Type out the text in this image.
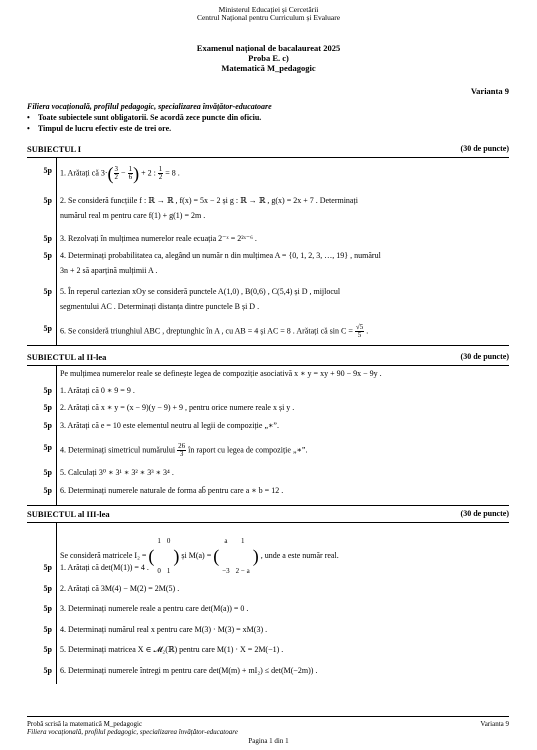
Ministerul Educației și Cercetării
Centrul Național pentru Curriculum și Evaluare
Examenul național de bacalaureat 2025
Proba E. c)
Matematică M_pedagogic
Varianta 9
Filiera vocațională, profilul pedagogic, specializarea învățător-educatoare
• Toate subiectele sunt obligatorii. Se acordă zece puncte din oficiu.
• Timpul de lucru efectiv este de trei ore.
SUBIECTUL I	(30 de puncte)
5p 1. Arătați că $3\cdot( \frac{3}{2} - \frac{1}{6}$ ) + 2 : $\frac{1}{2} = 8$ .
5p 2. Se consideră funcțiile f : ℝ → ℝ , f(x) = 5x − 2 și g : ℝ → ℝ , g(x) = 2x + 7 . Determinați
numărul real m pentru care f(1) + g(1) = 2m .
5p 3. Rezolvați în mulțimea numerelor reale ecuația 2⁻ˣ = 2²ˣ⁻⁶ .
5p 4. Determinați probabilitatea ca, alegând un număr n din mulțimea A = {0, 1, 2, 3, …, 19} , numărul
3n + 2 să aparțină mulțimii A .
5p 5. În reperul cartezian xOy se consideră punctele A(1,0) , B(0,6) , C(5,4) și D , mijlocul
segmentului AC . Determinați distanța dintre punctele B și D .
5p 6. Se consideră triunghiul ABC , dreptunghic în A , cu AB = 4 și AC = 8 . Arătați că $\sin C = \frac{√5}{5}$ .
SUBIECTUL al II-lea	(30 de puncte)
Pe mulțimea numerelor reale se definește legea de compoziție asociativă x ∗ y = xy + 90 − 9x − 9y .
5p 1. Arătați că 0 ∗ 9 = 9 .
5p 2. Arătați că x ∗ y = (x − 9)(y − 9) + 9 , pentru orice numere reale x și y .
5p 3. Arătați că e = 10 este elementul neutru al legii de compoziție „∗”.
5p 4. Determinați simetricul numărului $\frac{26}{3}$ în raport cu legea de compoziție „∗”.
5p 5. Calculați 3⁰ ∗ 3¹ ∗ 3² ∗ 3³ ∗ 3⁴ .
5p 6. Determinați numerele naturale de forma ab̄ pentru care a ∗ b = 12 .
SUBIECTUL al III-lea	(30 de puncte)
Se consideră matricele I₂ = (1	0
0	1) și M(a) = (a	1
−3	2 − a) , unde a este număr real.
5p 1. Arătați că det(M(1)) = 4 .
5p 2. Arătați că 3M(4) − M(2) = 2M(5) .
5p 3. Determinați numerele reale a pentru care det(M(a)) = 0 .
5p 4. Determinați numărul real x pentru care M(3) · M(3) = xM(3) .
5p 5. Determinați matricea X ∈ 𝓜₂(ℝ) pentru care M(1) · X = 2M(−1) .
5p 6. Determinați numerele întregi m pentru care det(M(m) + mI₂) ≤ det(M(−2m)) .
Probă scrisă la matematică M_pedagogic	Varianta 9
Filiera vocațională, profilul pedagogic, specializarea învățător-educatoare
Pagina 1 din 1
